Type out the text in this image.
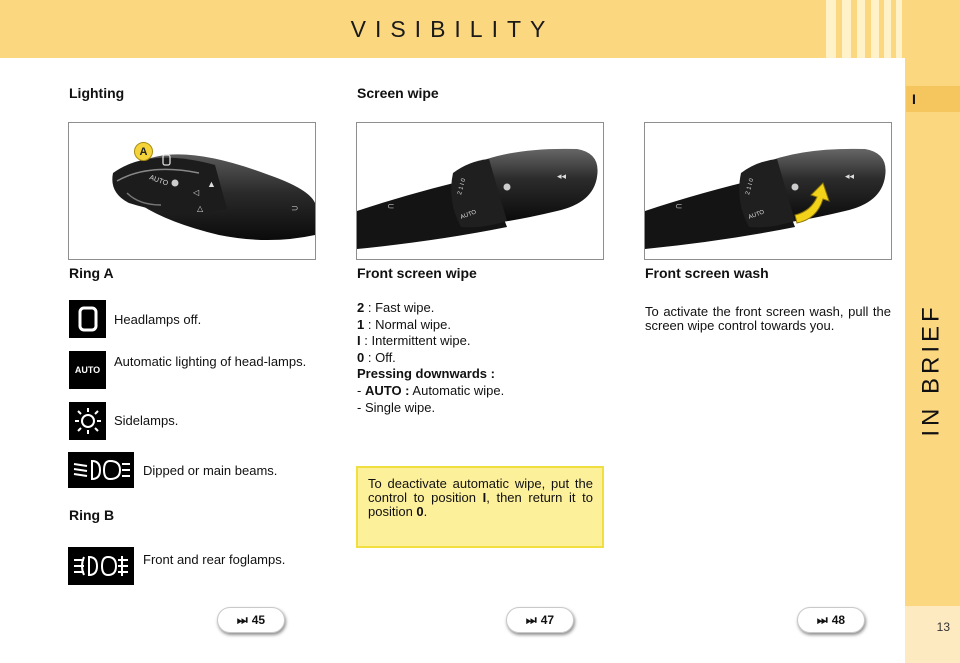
VISIBILITY
I
IN BRIEF
13
Lighting	Screen wipe
AUTO	▲
◁
△	⊃
A
2 1 I 0
AUTO
◂◂
⊂
2 1 I 0
AUTO
◂◂
⊂
Ring A	Front screen wipe	Front screen wash
Headlamps off.
AUTO
Automatic lighting of head-lamps.
Sidelamps.
Dipped or main beams.
Ring B
Front and rear foglamps.
2 : Fast wipe.
1 : Normal wipe.
I : Intermittent wipe.
0 : Off.
Pressing downwards :
- AUTO : Automatic wipe.
- Single wipe.
To deactivate automatic wipe, put the control to position I, then return it to position 0.
To activate the front screen wash, pull the screen wipe control towards you.
⏭ 45	⏭ 47	⏭ 48
